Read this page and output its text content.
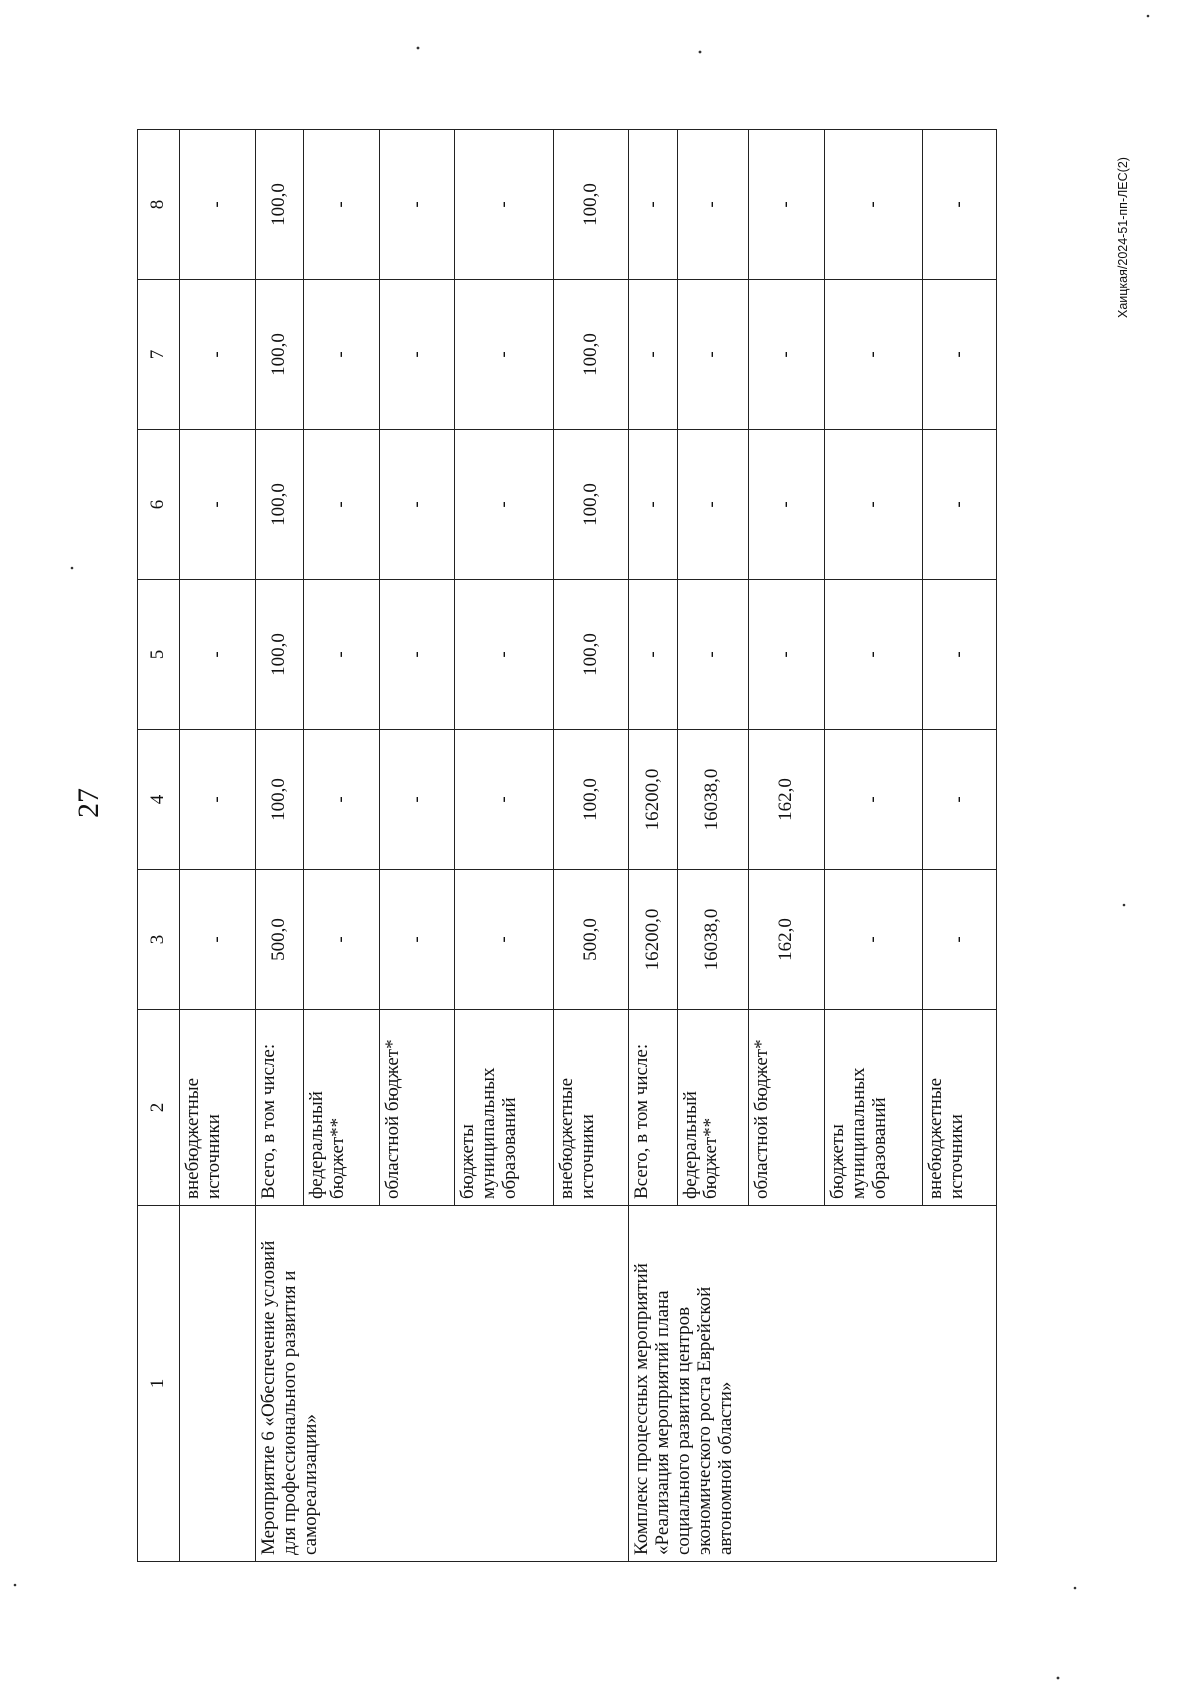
27
Хаицкая/2024-51-пп-ЛЕС(2)
1	2	3	4	5	6	7	8
	внебюджетные источники	-	-	-	-	-	-
Мероприятие 6 «Обеспечение условий для профессионального развития и самореализации»	Всего, в том числе:	500,0	100,0	100,0	100,0	100,0	100,0
	федеральный бюджет**	-	-	-	-	-	-
	областной бюджет*	-	-	-	-	-	-
	бюджеты муниципальных образований	-	-	-	-	-	-
	внебюджетные источники	500,0	100,0	100,0	100,0	100,0	100,0
Комплекс процессных мероприятий «Реализация мероприятий плана социального развития центров экономического роста Еврейской автономной области»	Всего, в том числе:	16200,0	16200,0	-	-	-	-
	федеральный бюджет**	16038,0	16038,0	-	-	-	-
	областной бюджет*	162,0	162,0	-	-	-	-
	бюджеты муниципальных образований	-	-	-	-	-	-
	внебюджетные источники	-	-	-	-	-	-
